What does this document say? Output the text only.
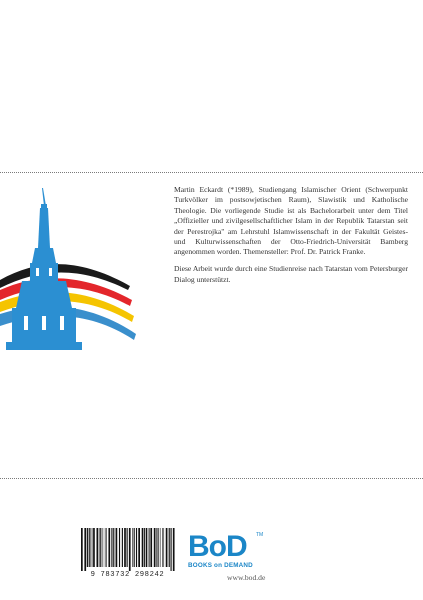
Martin Eckardt (*1989), Studiengang Islamischer Orient (Schwerpunkt Turkvölker im postsowjetischen Raum), Slawistik und Katholische Theologie. Die vorliegende Studie ist als Bachelorarbeit unter dem Titel „Offizieller und zivilgesellschaftlicher Islam in der Republik Tatarstan seit der Perestrojka" am Lehrstuhl Islamwissenschaft in der Fakultät Geistes- und Kulturwissenschaften der Otto-Friedrich-Universität Bamberg angenommen worden. Themensteller: Prof. Dr. Patrick Franke.

Diese Arbeit wurde durch eine Studienreise nach Tatarstan vom Petersburger Dialog unterstützt.

9 783732 298242
BoD	TM
BOOKS on DEMAND
www.bod.de
